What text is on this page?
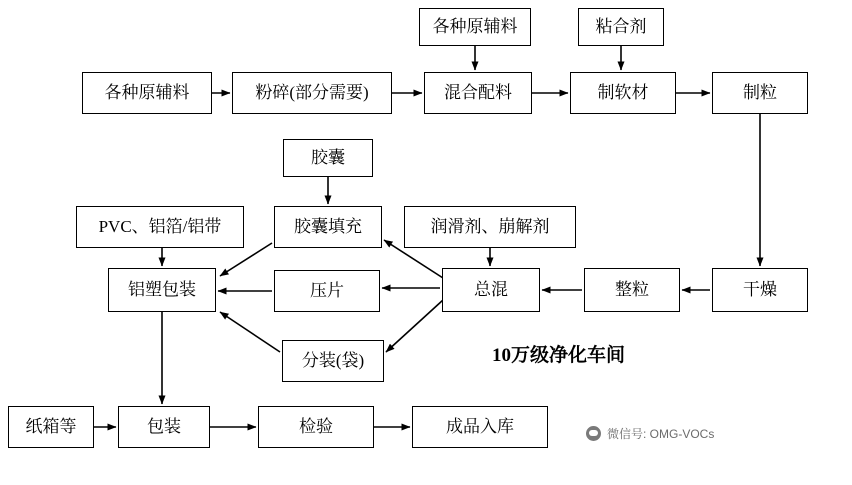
各种原辅料	粘合剂
各种原辅料	粉碎(部分需要)	混合配料	制软材	制粒
胶囊
PVC、铝箔/铝带	胶囊填充	润滑剂、崩解剂
铝塑包装	压片	总混	整粒	干燥
分装(袋)
纸箱等	包装	检验	成品入库
10万级净化车间
微信号: OMG-VOCs
